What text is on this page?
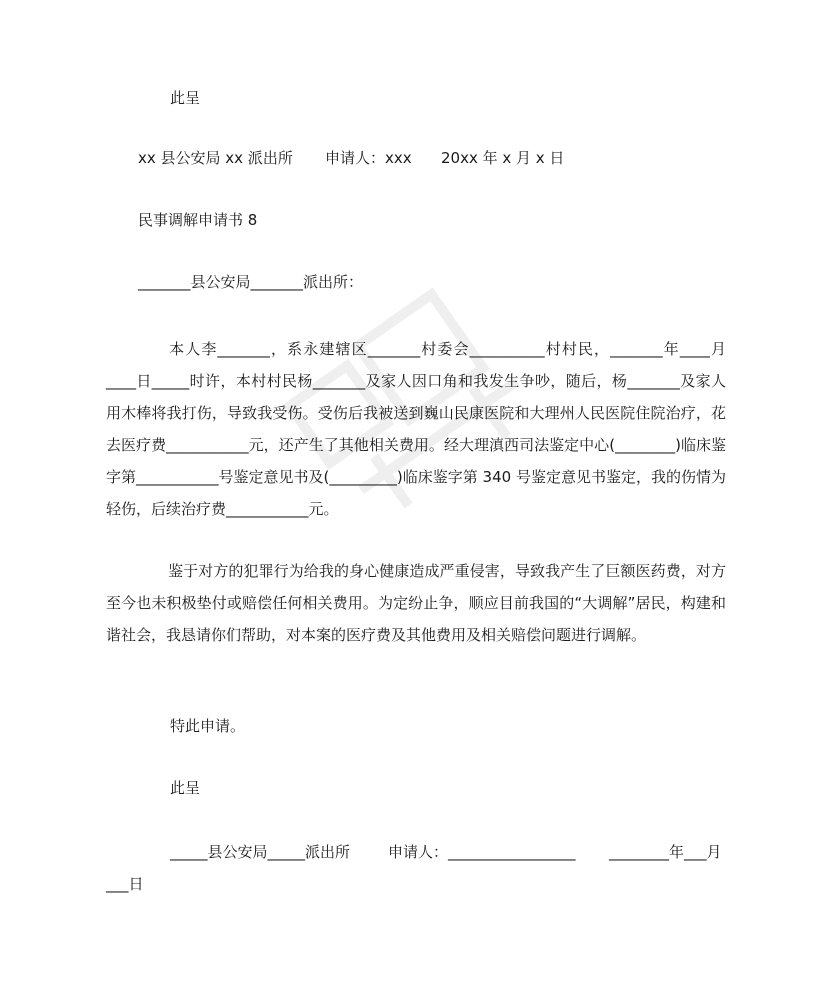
此呈
xx 县公安局 xx 派出所 申请人：xxx 20xx 年 x 月 x 日
民事调解申请书 8
_______县公安局_______派出所：
本人李_______，系永建辖区_______村委会__________村村民，_______年____月____日_____时许，本村村民杨_______及家人因口角和我发生争吵，随后，杨_______及家人用木棒将我打伤，导致我受伤。受伤后我被送到巍山民康医院和大理州人民医院住院治疗，花去医疗费___________元，还产生了其他相关费用。经大理滇西司法鉴定中心(________)临床鉴字第___________号鉴定意见书及(_________)临床鉴字第 340 号鉴定意见书鉴定，我的伤情为轻伤，后续治疗费___________元。
鉴于对方的犯罪行为给我的身心健康造成严重侵害，导致我产生了巨额医药费，对方至今也未积极垫付或赔偿任何相关费用。为定纷止争，顺应目前我国的“大调解”居民，构建和谐社会，我恳请你们帮助，对本案的医疗费及其他费用及相关赔偿问题进行调解。
特此申请。
此呈
_____县公安局_____派出所	申请人：_________________ ________年___月
___日
